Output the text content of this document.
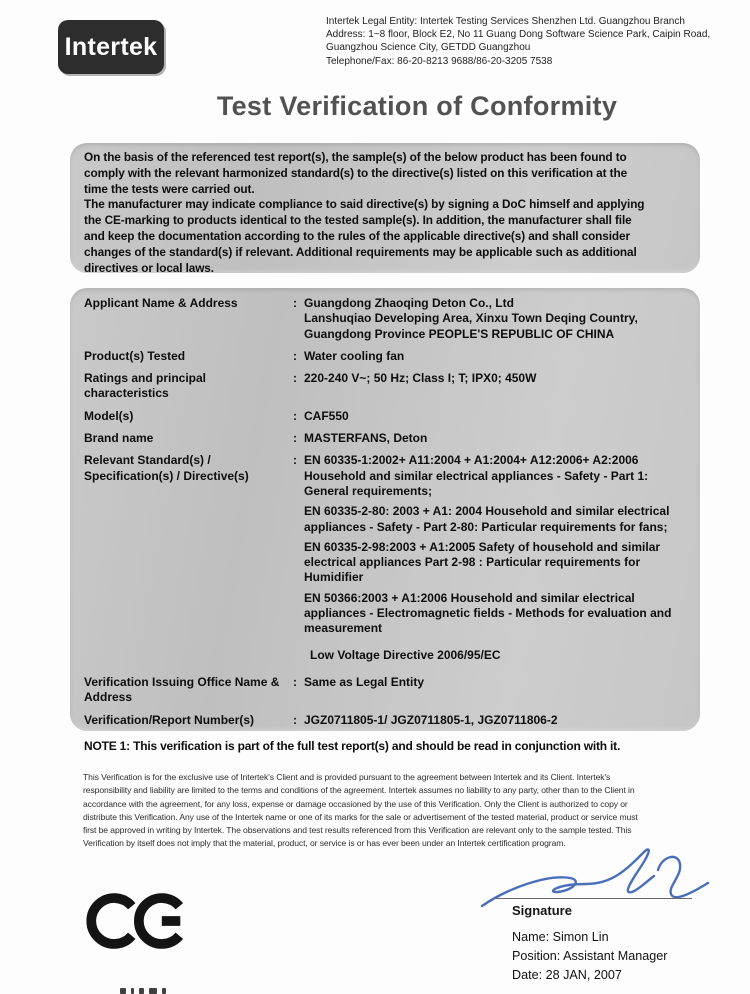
Intertek
Intertek Legal Entity: Intertek Testing Services Shenzhen Ltd. Guangzhou Branch
Address: 1~8 floor, Block E2, No 11 Guang Dong Software Science Park, Caipin Road,
Guangzhou Science City, GETDD Guangzhou
Telephone/Fax: 86-20-8213 9688/86-20-3205 7538
Test Verification of Conformity

On the basis of the referenced test report(s), the sample(s) of the below product has been found to
comply with the relevant harmonized standard(s) to the directive(s) listed on this verification at the
time the tests were carried out.

The manufacturer may indicate compliance to said directive(s) by signing a DoC himself and applying
the CE-marking to products identical to the tested sample(s). In addition, the manufacturer shall file
and keep the documentation according to the rules of the applicable directive(s) and shall consider
changes of the standard(s) if relevant. Additional requirements may be applicable such as additional
directives or local laws.

Applicant Name & Address	: Guangdong Zhaoqing Deton Co., Ltd
Lanshuqiao Developing Area, Xinxu Town Deqing Country,
Guangdong Province PEOPLE'S REPUBLIC OF CHINA
Product(s) Tested	: Water cooling fan
Ratings and principal
characteristics
: 220-240 V~; 50 Hz; Class I; T; IPX0; 450W
Model(s)	: CAF550
Brand name	: MASTERFANS, Deton
Relevant Standard(s) /
Specification(s) / Directive(s)
: EN 60335-1:2002+ A11:2004 + A1:2004+ A12:2006+ A2:2006
Household and similar electrical appliances - Safety - Part 1:
General requirements;
EN 60335-2-80: 2003 + A1: 2004 Household and similar electrical
appliances - Safety - Part 2-80: Particular requirements for fans;
EN 60335-2-98:2003 + A1:2005 Safety of household and similar
electrical appliances Part 2-98 : Particular requirements for
Humidifier
EN 50366:2003 + A1:2006 Household and similar electrical
appliances - Electromagnetic fields - Methods for evaluation and
measurement
Low Voltage Directive 2006/95/EC
Verification Issuing Office Name &
Address
: Same as Legal Entity
Verification/Report Number(s)	: JGZ0711805-1/ JGZ0711805-1, JGZ0711806-2
NOTE 1: This verification is part of the full test report(s) and should be read in conjunction with it.
This Verification is for the exclusive use of Intertek's Client and is provided pursuant to the agreement between Intertek and its Client. Intertek's
responsibility and liability are limited to the terms and conditions of the agreement. Intertek assumes no liability to any party, other than to the Client in
accordance with the agreement, for any loss, expense or damage occasioned by the use of this Verification. Only the Client is authorized to copy or
distribute this Verification. Any use of the Intertek name or one of its marks for the sale or advertisement of the tested material, product or service must
first be approved in writing by Intertek. The observations and test results referenced from this Verification are relevant only to the sample tested. This
Verification by itself does not imply that the material, product, or service is or has ever been under an Intertek certification program.
Signature
Name: Simon Lin
Position: Assistant Manager
Date: 28 JAN, 2007
